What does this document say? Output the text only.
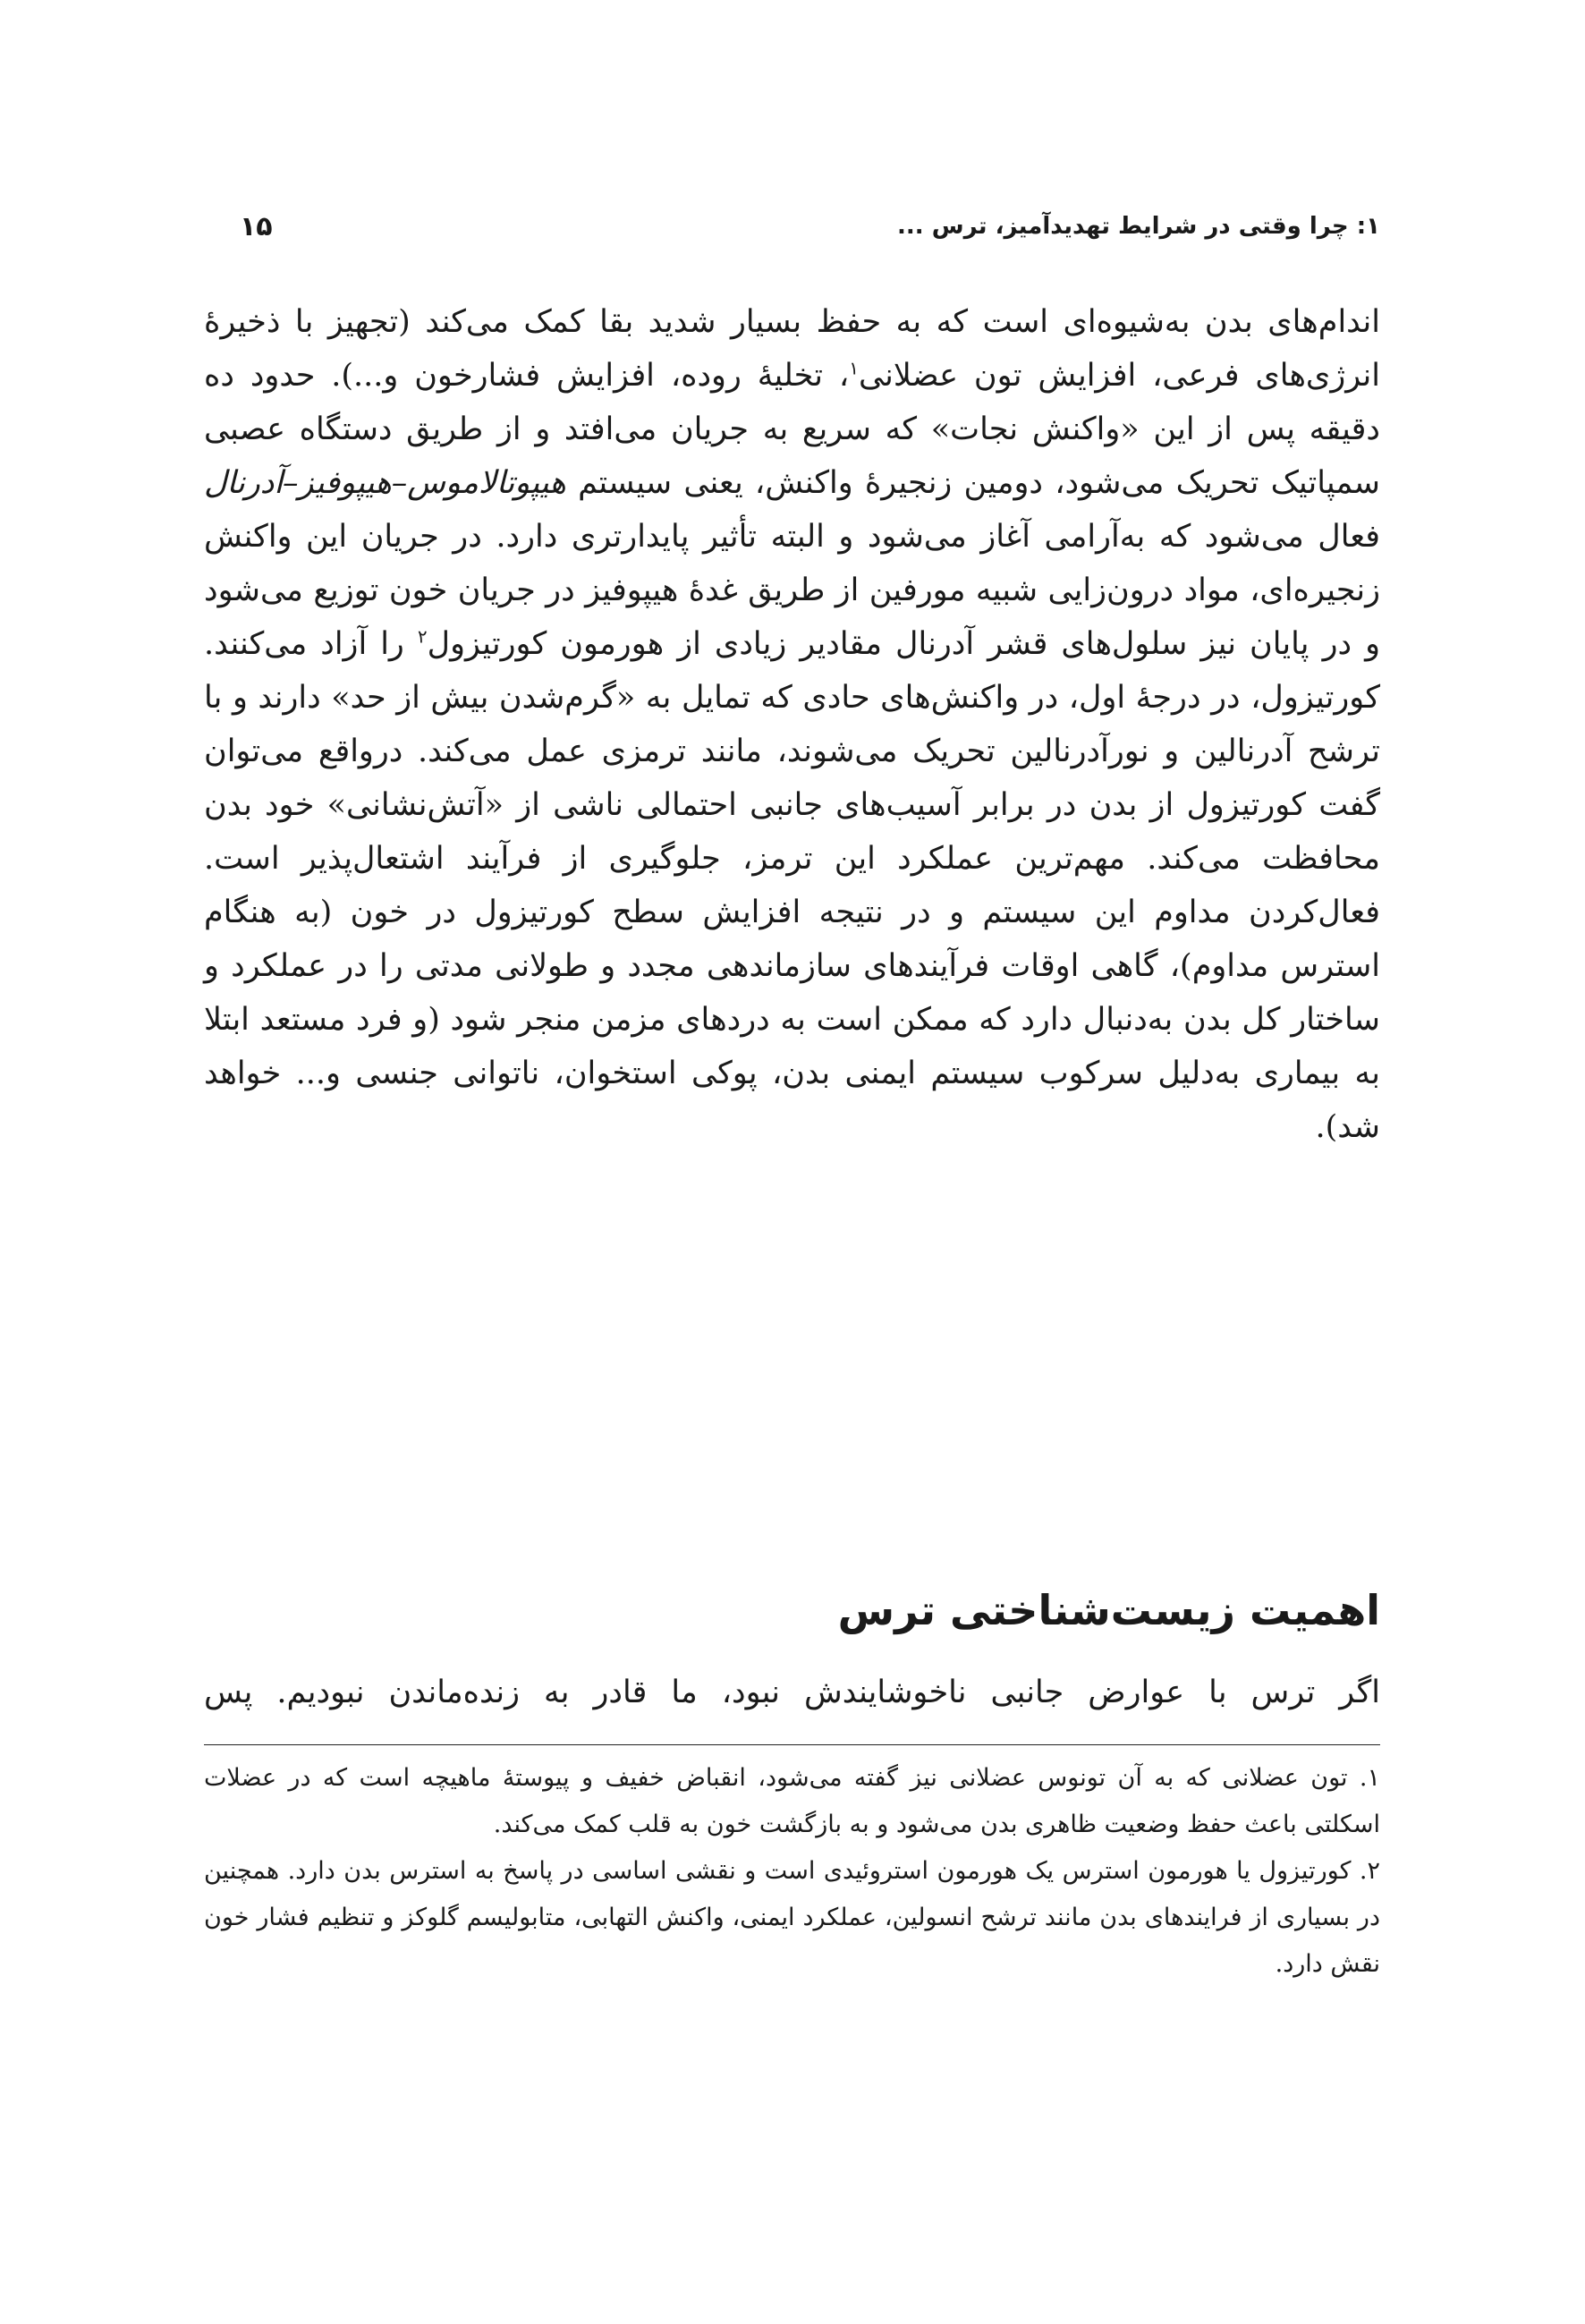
۱: چرا وقتی در شرایط تهدیدآمیز، ترس ...
۱۵

اندام‌های بدن به‌شیوه‌ای است که به حفظ بسیار شدید بقا کمک می‌کند (تجهیز با ذخیرهٔ انرژی‌های فرعی، افزایش تون عضلانی$^۱$، تخلیهٔ روده، افزایش فشارخون و...). حدود ده دقیقه پس از این «واکنش نجات» که سریع به جریان می‌افتد و از طریق دستگاه عصبی سمپاتیک تحریک می‌شود، دومین زنجیرهٔ واکنش، یعنی سیستم هیپوتالاموس–هیپوفیز–آدرنال فعال می‌شود که به‌آرامی آغاز می‌شود و البته تأثیر پایدارتری دارد. در جریان این واکنش زنجیره‌ای، مواد درون‌زایی شبیه مورفین از طریق غدهٔ هیپوفیز در جریان خون توزیع می‌شود و در پایان نیز سلول‌های قشر آدرنال مقادیر زیادی از هورمون کورتیزول$^۲$ را آزاد می‌کنند. کورتیزول، در درجهٔ اول، در واکنش‌های حادی که تمایل به «گرم‌شدن بیش از حد» دارند و با ترشح آدرنالین و نورآدرنالین تحریک می‌شوند، مانند ترمزی عمل می‌کند. درواقع می‌توان گفت کورتیزول از بدن در برابر آسیب‌های جانبی احتمالی ناشی از «آتش‌نشانی» خود بدن محافظت می‌کند. مهم‌ترین عملکرد این ترمز، جلوگیری از فرآیند اشتعال‌پذیر است. فعال‌کردن مداوم این سیستم و در نتیجه افزایش سطح کورتیزول در خون (به هنگام استرس مداوم)، گاهی اوقات فرآیندهای سازماندهی مجدد و طولانی مدتی را در عملکرد و ساختار کل بدن به‌دنبال دارد که ممکن است به دردهای مزمن منجر شود (و فرد مستعد ابتلا به بیماری به‌دلیل سرکوب سیستم ایمنی بدن، پوکی استخوان، ناتوانی جنسی و... خواهد شد).

اهمیت زیست‌شناختی ترس
اگر ترس با عوارض جانبی ناخوشایندش نبود، ما قادر به زنده‌ماندن نبودیم. پس

۱. تون عضلانی که به آن تونوس عضلانی نیز گفته می‌شود، انقباض خفیف و پیوستهٔ ماهیچه است که در عضلات اسکلتی باعث حفظ وضعیت ظاهری بدن می‌شود و به بازگشت خون به قلب کمک می‌کند.

۲. کورتیزول یا هورمون استرس یک هورمون استروئیدی است و نقشی اساسی در پاسخ به استرس بدن دارد. همچنین در بسیاری از فرایندهای بدن مانند ترشح انسولین، عملکرد ایمنی، واکنش التهابی، متابولیسم گلوکز و تنظیم فشار خون نقش دارد.
